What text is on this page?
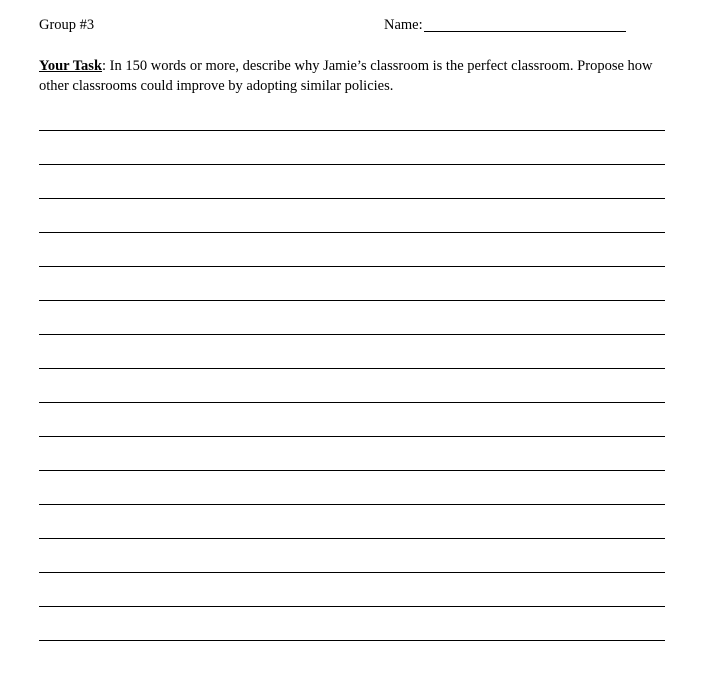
Group #3	Name:
Your Task: In 150 words or more, describe why Jamie’s classroom is the perfect classroom. Propose how other classrooms could improve by adopting similar policies.
